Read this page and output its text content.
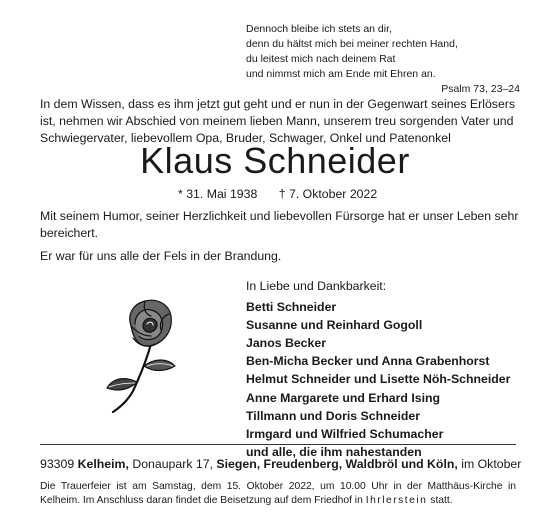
Dennoch bleibe ich stets an dir,
denn du hältst mich bei meiner rechten Hand,
du leitest mich nach deinem Rat
und nimmst mich am Ende mit Ehren an.
Psalm 73, 23–24
In dem Wissen, dass es ihm jetzt gut geht und er nun in der Gegenwart seines Erlösers ist, nehmen wir Abschied von meinem lieben Mann, unserem treu sorgenden Vater und Schwiegervater, liebevollem Opa, Bruder, Schwager, Onkel und Patenonkel
Klaus Schneider
* 31. Mai 1938 † 7. Oktober 2022

Mit seinem Humor, seiner Herzlichkeit und liebevollen Fürsorge hat er unser Leben sehr bereichert.

Er war für uns alle der Fels in der Brandung.

In Liebe und Dankbarkeit:
Betti Schneider
Susanne und Reinhard Gogoll
Janos Becker
Ben-Micha Becker und Anna Grabenhorst
Helmut Schneider und Lisette Nöh-Schneider
Anne Margarete und Erhard Ising
Tillmann und Doris Schneider
Irmgard und Wilfried Schumacher
und alle, die ihm nahestanden
93309 Kelheim, Donaupark 17, Siegen, Freudenberg, Waldbröl und Köln, im Oktober
Die Trauerfeier ist am Samstag, dem 15. Oktober 2022, um 10.00 Uhr in der Matthäus-Kirche in Kelheim. Im Anschluss daran findet die Beisetzung auf dem Friedhof in Ihrlerstein statt.
